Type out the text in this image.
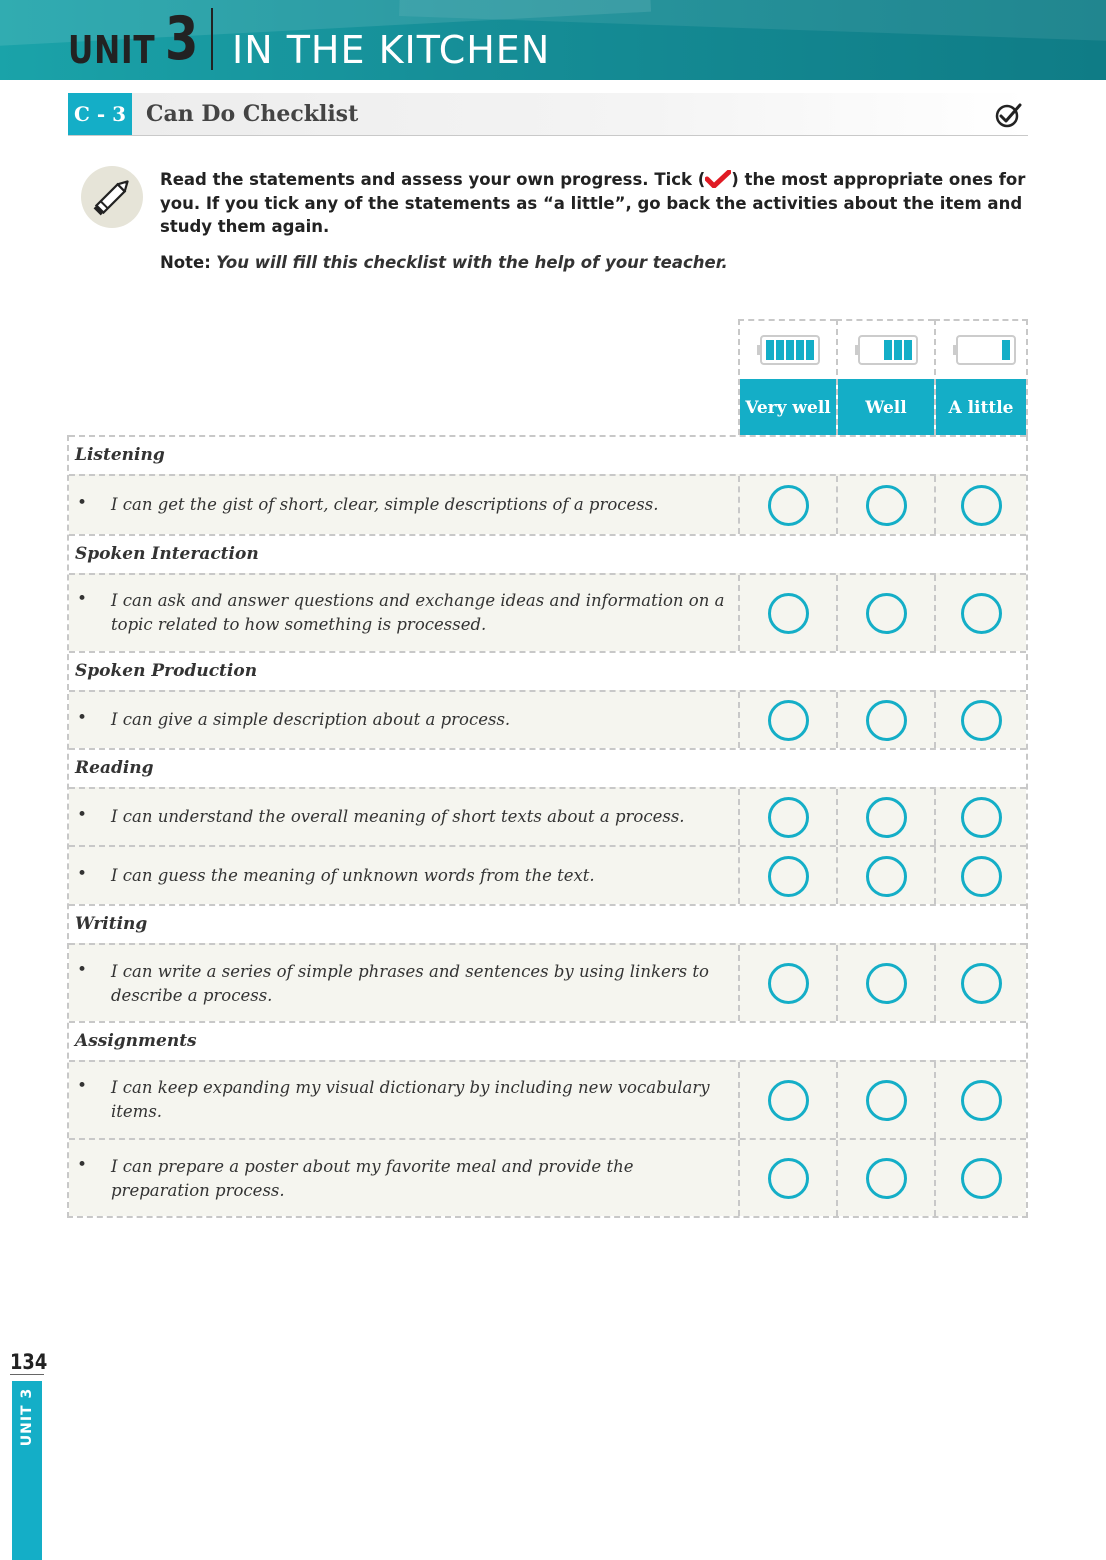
UNIT 3 IN THE KITCHEN
C - 3 Can Do Checklist
Read the statements and assess your own progress. Tick ( ) the most appropriate ones for you. If you tick any of the statements as “a little”, go back the activities about the item and study them again.
Note: You will fill this checklist with the help of your teacher.
Very well	Well	A little
Listening
• I can get the gist of short, clear, simple descriptions of a process.
Spoken Interaction
• I can ask and answer questions and exchange ideas and information on a topic related to how something is processed.
Spoken Production
• I can give a simple description about a process.
Reading
• I can understand the overall meaning of short texts about a process.
• I can guess the meaning of unknown words from the text.
Writing
• I can write a series of simple phrases and sentences by using linkers to describe a process.
Assignments
• I can keep expanding my visual dictionary by including new vocabulary items.
• I can prepare a poster about my favorite meal and provide the preparation process.
134
UNIT 3
